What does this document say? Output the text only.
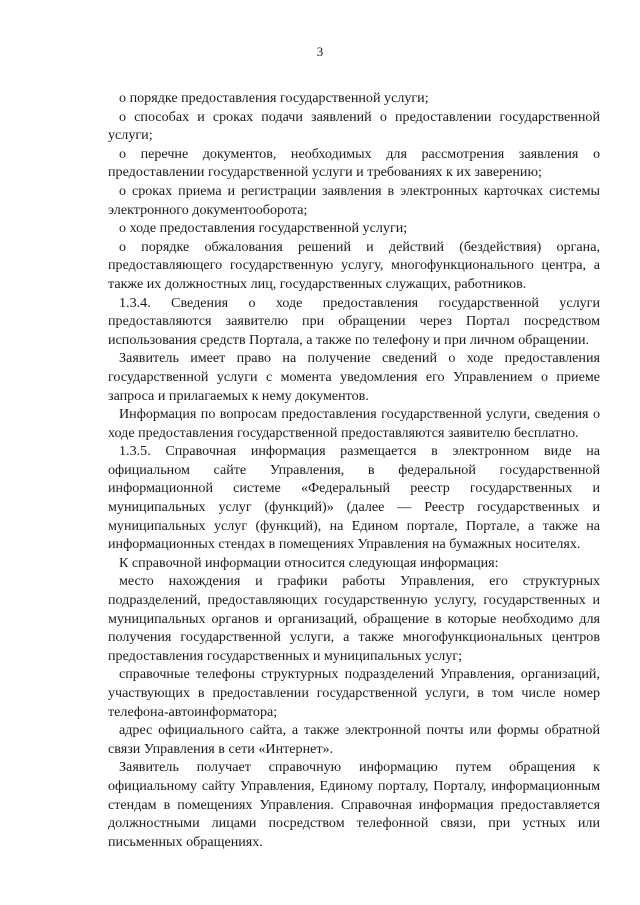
3

о порядке предоставления государственной услуги;

о способах и сроках подачи заявлений о предоставлении государственной услуги;

о перечне документов, необходимых для рассмотрения заявления о предоставлении государственной услуги и требованиях к их заверению;

о сроках приема и регистрации заявления в электронных карточках системы электронного документооборота;

о ходе предоставления государственной услуги;

о порядке обжалования решений и действий (бездействия) органа, предоставляющего государственную услугу, многофункционального центра, а также их должностных лиц, государственных служащих, работников.

1.3.4. Сведения о ходе предоставления государственной услуги предоставляются заявителю при обращении через Портал посредством использования средств Портала, а также по телефону и при личном обращении.

Заявитель имеет право на получение сведений о ходе предоставления государственной услуги с момента уведомления его Управлением о приеме запроса и прилагаемых к нему документов.

Информация по вопросам предоставления государственной услуги, сведения о ходе предоставления государственной предоставляются заявителю бесплатно.

1.3.5. Справочная информация размещается в электронном виде на официальном сайте Управления, в федеральной государственной информационной системе «Федеральный реестр государственных и муниципальных услуг (функций)» (далее — Реестр государственных и муниципальных услуг (функций), на Едином портале, Портале, а также на информационных стендах в помещениях Управления на бумажных носителях.

К справочной информации относится следующая информация:

место нахождения и графики работы Управления, его структурных подразделений, предоставляющих государственную услугу, государственных и муниципальных органов и организаций, обращение в которые необходимо для получения государственной услуги, а также многофункциональных центров предоставления государственных и муниципальных услуг;

справочные телефоны структурных подразделений Управления, организаций, участвующих в предоставлении государственной услуги, в том числе номер телефона-автоинформатора;

адрес официального сайта, а также электронной почты или формы обратной связи Управления в сети «Интернет».

Заявитель получает справочную информацию путем обращения к официальному сайту Управления, Единому порталу, Порталу, информационным стендам в помещениях Управления. Справочная информация предоставляется должностными лицами посредством телефонной связи, при устных или письменных обращениях.
